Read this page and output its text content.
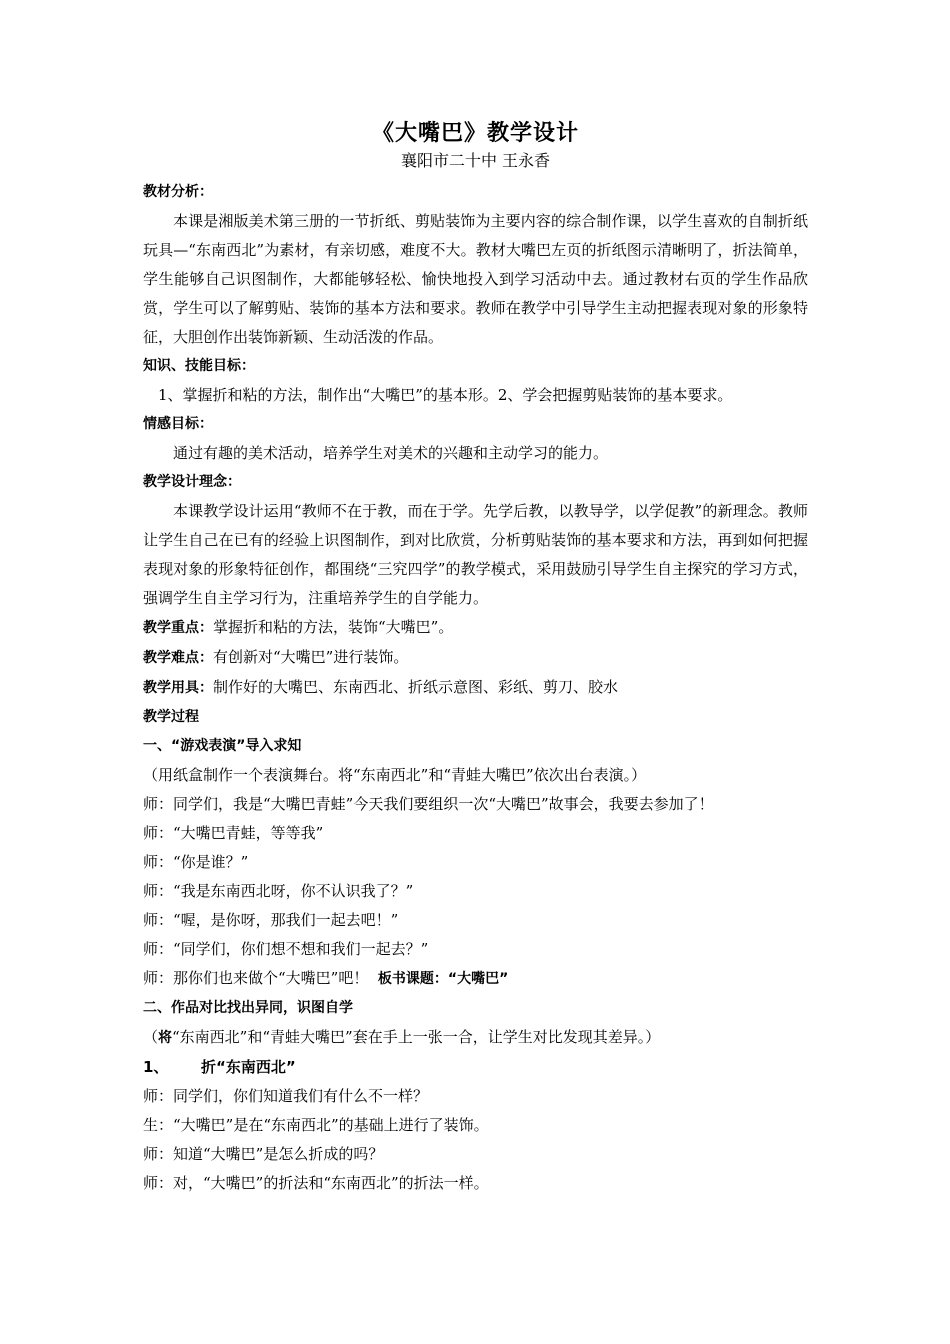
《大嘴巴》教学设计
襄阳市二十中 王永香
教材分析：
本课是湘版美术第三册的一节折纸、剪贴装饰为主要内容的综合制作课，以学生喜欢的自制折纸玩具—“东南西北”为素材，有亲切感，难度不大。教材大嘴巴左页的折纸图示清晰明了，折法简单，学生能够自己识图制作，大都能够轻松、愉快地投入到学习活动中去。通过教材右页的学生作品欣赏，学生可以了解剪贴、装饰的基本方法和要求。教师在教学中引导学生主动把握表现对象的形象特征，大胆创作出装饰新颖、生动活泼的作品。
知识、技能目标：
1、掌握折和粘的方法，制作出“大嘴巴”的基本形。2、学会把握剪贴装饰的基本要求。
情感目标：
通过有趣的美术活动，培养学生对美术的兴趣和主动学习的能力。
教学设计理念：
本课教学设计运用“教师不在于教，而在于学。先学后教，以教导学，以学促教”的新理念。教师让学生自己在已有的经验上识图制作，到对比欣赏，分析剪贴装饰的基本要求和方法，再到如何把握表现对象的形象特征创作，都围绕“三究四学”的教学模式，采用鼓励引导学生自主探究的学习方式，强调学生自主学习行为，注重培养学生的自学能力。
教学重点：掌握折和粘的方法，装饰“大嘴巴”。
教学难点：有创新对“大嘴巴”进行装饰。
教学用具：制作好的大嘴巴、东南西北、折纸示意图、彩纸、剪刀、胶水
教学过程
一、“游戏表演”导入求知
（用纸盒制作一个表演舞台。将“东南西北”和“青蛙大嘴巴”依次出台表演。）
师：同学们，我是“大嘴巴青蛙”今天我们要组织一次“大嘴巴”故事会，我要去参加了！
师：“大嘴巴青蛙，等等我”
师：“你是谁？”
师：“我是东南西北呀，你不认识我了？”
师：“喔，是你呀，那我们一起去吧！”
师：“同学们，你们想不想和我们一起去？”
师：那你们也来做个“大嘴巴”吧！ 板书课题：“大嘴巴”
二、作品对比找出异同，识图自学
（将“东南西北”和“青蛙大嘴巴”套在手上一张一合，让学生对比发现其差异。）
1、 折“东南西北”
师：同学们，你们知道我们有什么不一样？
生：“大嘴巴”是在“东南西北”的基础上进行了装饰。
师：知道“大嘴巴”是怎么折成的吗？
师：对，“大嘴巴”的折法和“东南西北”的折法一样。
